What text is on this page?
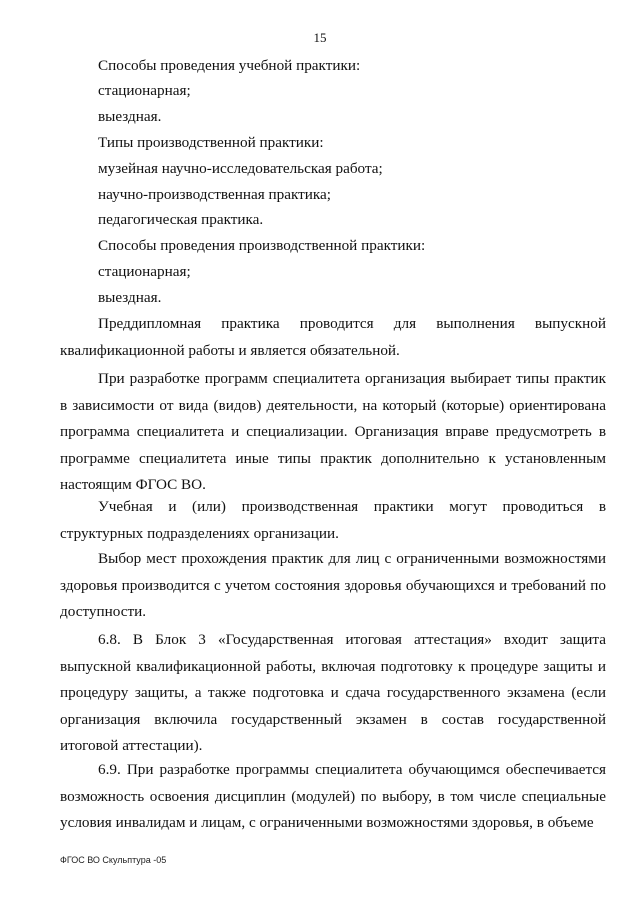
15
Способы проведения учебной практики:
стационарная;
выездная.
Типы производственной практики:
музейная научно-исследовательская работа;
научно-производственная практика;
педагогическая практика.
Способы проведения производственной практики:
стационарная;
выездная.

Преддипломная практика проводится для выполнения выпускной квалификационной работы и является обязательной.

При разработке программ специалитета организация выбирает типы практик в зависимости от вида (видов) деятельности, на который (которые) ориентирована программа специалитета и специализации. Организация вправе предусмотреть в программе специалитета иные типы практик дополнительно к установленным настоящим ФГОС ВО.

Учебная и (или) производственная практики могут проводиться в структурных подразделениях организации.

Выбор мест прохождения практик для лиц с ограниченными возможностями здоровья производится с учетом состояния здоровья обучающихся и требований по доступности.

6.8. В Блок 3 «Государственная итоговая аттестация» входит защита выпускной квалификационной работы, включая подготовку к процедуре защиты и процедуру защиты, а также подготовка и сдача государственного экзамена (если организация включила государственный экзамен в состав государственной итоговой аттестации).

6.9. При разработке программы специалитета обучающимся обеспечивается возможность освоения дисциплин (модулей) по выбору, в том числе специальные условия инвалидам и лицам, с ограниченными возможностями здоровья, в объеме

ФГОС ВО Скульптура -05
